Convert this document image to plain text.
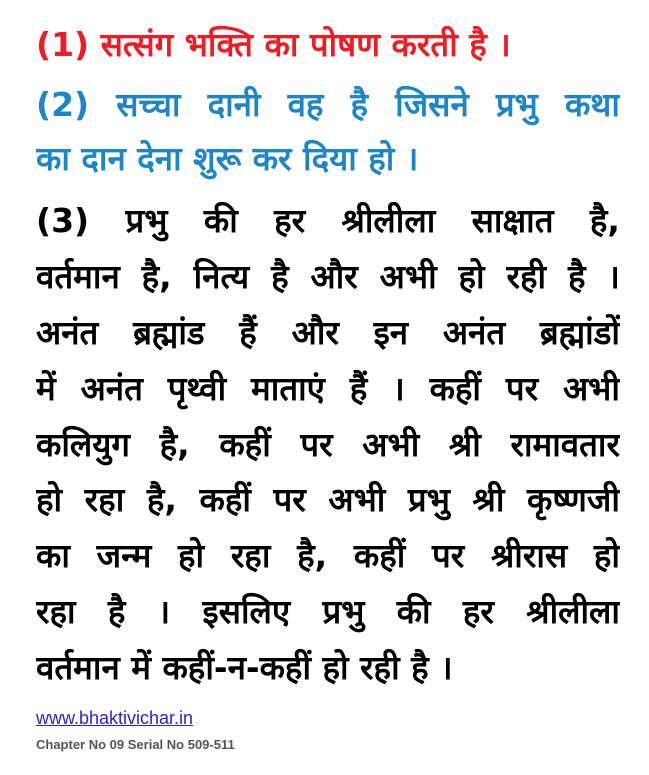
(1) सत्संग भक्ति का पोषण करती है ।
(2) सच्चा दानी वह है जिसने प्रभु कथा
का दान देना शुरू कर दिया हो ।
(3) प्रभु की हर श्रीलीला साक्षात है,
वर्तमान है, नित्य है और अभी हो रही है ।
अनंत ब्रह्मांड हैं और इन अनंत ब्रह्मांडों
में अनंत पृथ्वी माताएं हैं । कहीं पर अभी
कलियुग है, कहीं पर अभी श्री रामावतार
हो रहा है, कहीं पर अभी प्रभु श्री कृष्णजी
का जन्म हो रहा है, कहीं पर श्रीरास हो
रहा है । इसलिए प्रभु की हर श्रीलीला
वर्तमान में कहीं-न-कहीं हो रही है ।
www.bhaktivichar.in
Chapter No 09 Serial No 509-511
